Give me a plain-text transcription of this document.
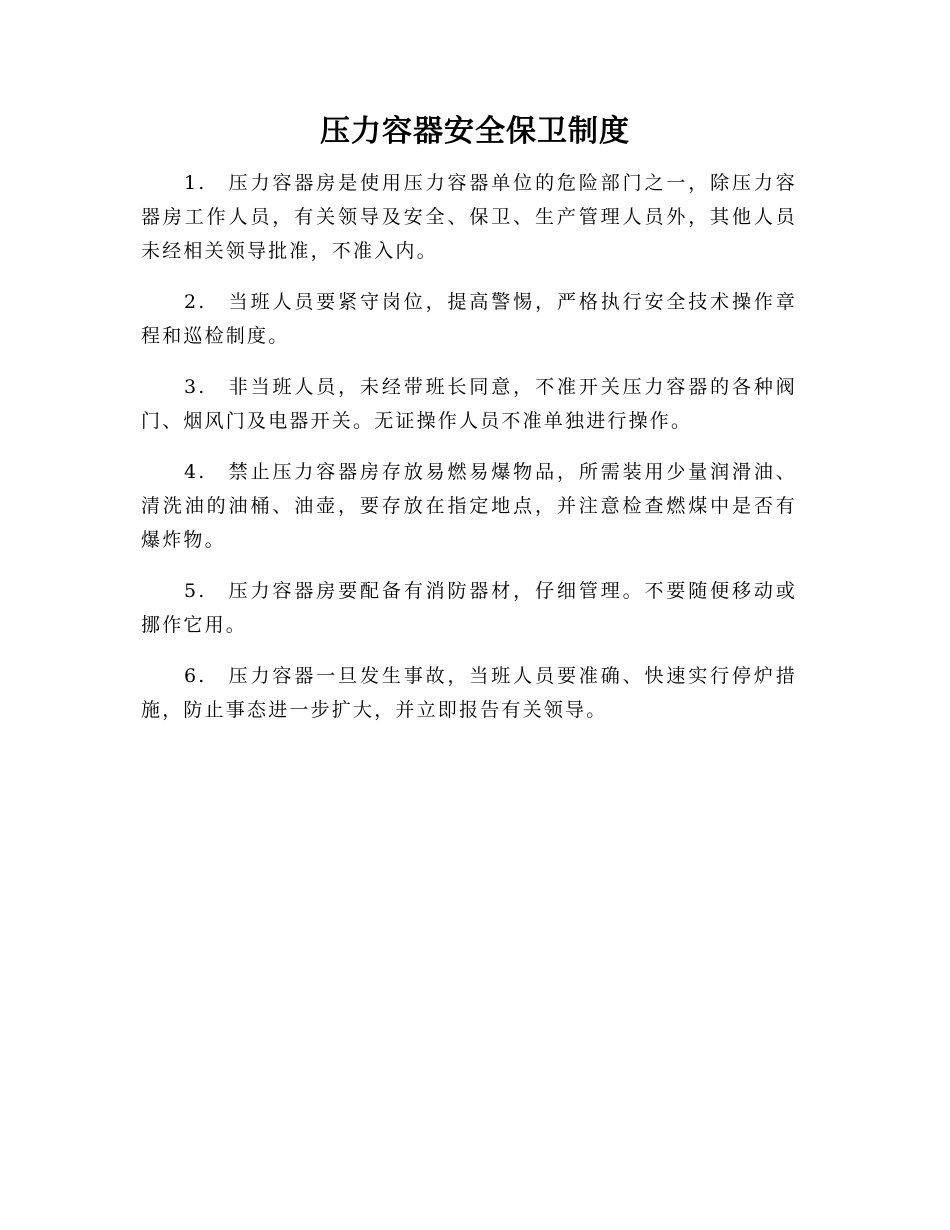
压力容器安全保卫制度

1. 压力容器房是使用压力容器单位的危险部门之一，除压力容器房工作人员，有关领导及安全、保卫、生产管理人员外，其他人员未经相关领导批准，不准入内。

2. 当班人员要紧守岗位，提高警惕，严格执行安全技术操作章程和巡检制度。

3. 非当班人员，未经带班长同意，不准开关压力容器的各种阀门、烟风门及电器开关。无证操作人员不准单独进行操作。

4. 禁止压力容器房存放易燃易爆物品，所需装用少量润滑油、清洗油的油桶、油壶，要存放在指定地点，并注意检查燃煤中是否有爆炸物。

5. 压力容器房要配备有消防器材，仔细管理。不要随便移动或挪作它用。

6. 压力容器一旦发生事故，当班人员要准确、快速实行停炉措施，防止事态进一步扩大，并立即报告有关领导。
